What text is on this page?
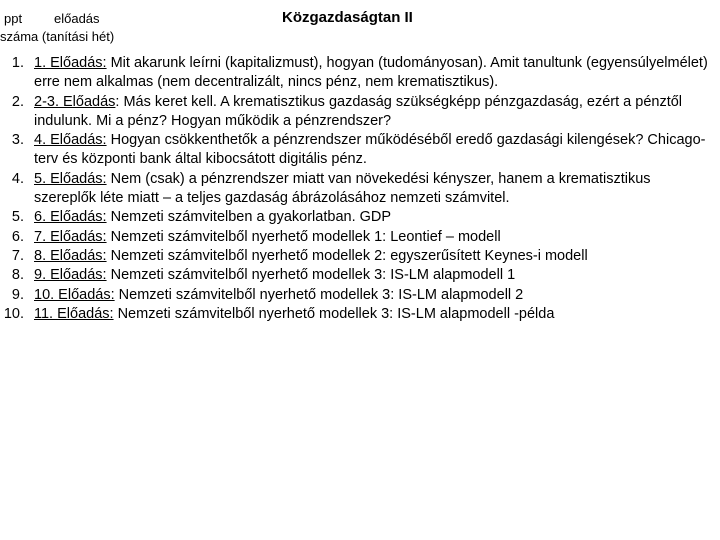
ppt előadás
száma (tanítási hét)
Közgazdaságtan II
1. 1. Előadás: Mit akarunk leírni (kapitalizmust), hogyan (tudományosan). Amit tanultunk (egyensúlyelmélet) erre nem alkalmas (nem decentralizált, nincs pénz, nem krematisztikus).
2. 2-3. Előadás: Más keret kell. A krematisztikus gazdaság szükségképp pénzgazdaság, ezért a pénztől indulunk. Mi a pénz? Hogyan működik a pénzrendszer?
3. 4. Előadás: Hogyan csökkenthetők a pénzrendszer működéséből eredő gazdasági kilengések? Chicago-terv és központi bank által kibocsátott digitális pénz.
4. 5. Előadás: Nem (csak) a pénzrendszer miatt van növekedési kényszer, hanem a krematisztikus szereplők léte miatt – a teljes gazdaság ábrázolásához nemzeti számvitel.
5. 6. Előadás: Nemzeti számvitelben a gyakorlatban. GDP
6. 7. Előadás: Nemzeti számvitelből nyerhető modellek 1: Leontief – modell
7. 8. Előadás: Nemzeti számvitelből nyerhető modellek 2: egyszerűsített Keynes-i modell
8. 9. Előadás: Nemzeti számvitelből nyerhető modellek 3: IS-LM alapmodell 1
9. 10. Előadás: Nemzeti számvitelből nyerhető modellek 3: IS-LM alapmodell 2
10. 11. Előadás: Nemzeti számvitelből nyerhető modellek 3: IS-LM alapmodell -példa
